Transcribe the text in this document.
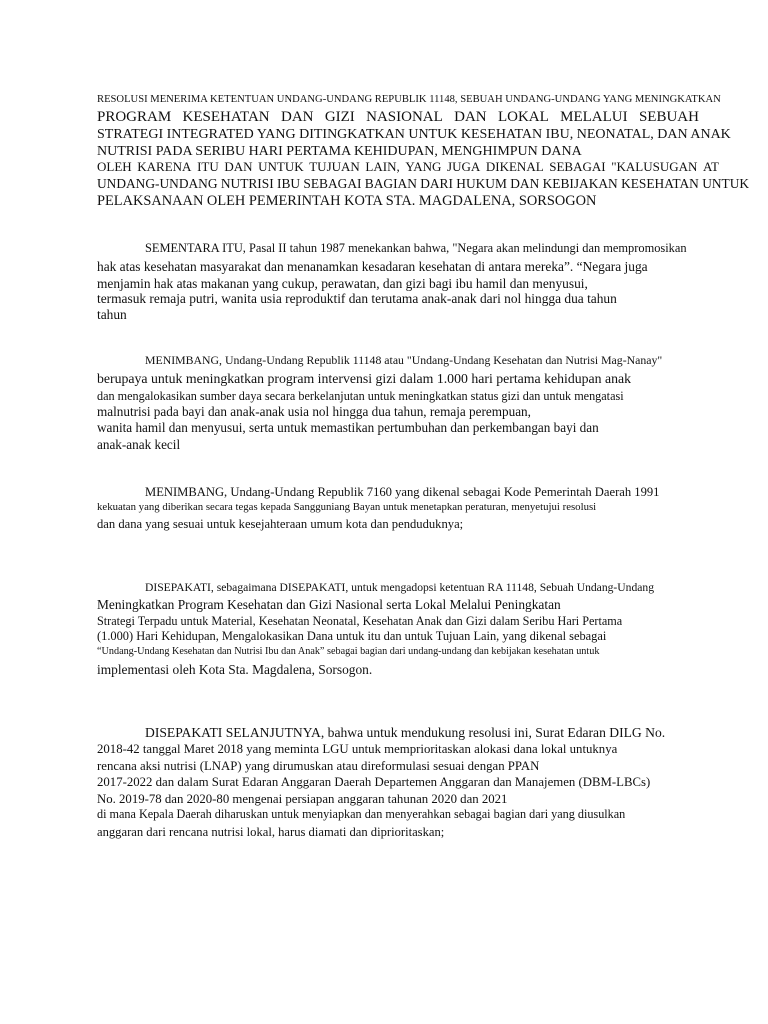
RESOLUSI MENERIMA KETENTUAN UNDANG-UNDANG REPUBLIK 11148, SEBUAH UNDANG-UNDANG YANG MENINGKATKAN
PROGRAM KESEHATAN DAN GIZI NASIONAL DAN LOKAL MELALUI SEBUAH
STRATEGI INTEGRATED YANG DITINGKATKAN UNTUK KESEHATAN IBU, NEONATAL, DAN ANAK
NUTRISI PADA SERIBU HARI PERTAMA KEHIDUPAN, MENGHIMPUN DANA
OLEH KARENA ITU DAN UNTUK TUJUAN LAIN, YANG JUGA DIKENAL SEBAGAI "KALUSUGAN AT
UNDANG-UNDANG NUTRISI IBU SEBAGAI BAGIAN DARI HUKUM DAN KEBIJAKAN KESEHATAN UNTUK
PELAKSANAAN OLEH PEMERINTAH KOTA STA. MAGDALENA, SORSOGON
SEMENTARA ITU, Pasal II tahun 1987 menekankan bahwa, "Negara akan melindungi dan mempromosikan
hak atas kesehatan masyarakat dan menanamkan kesadaran kesehatan di antara mereka”. “Negara juga
menjamin hak atas makanan yang cukup, perawatan, dan gizi bagi ibu hamil dan menyusui,
termasuk remaja putri, wanita usia reproduktif dan terutama anak-anak dari nol hingga dua tahun
tahun
MENIMBANG, Undang-Undang Republik 11148 atau "Undang-Undang Kesehatan dan Nutrisi Mag-Nanay"
berupaya untuk meningkatkan program intervensi gizi dalam 1.000 hari pertama kehidupan anak
dan mengalokasikan sumber daya secara berkelanjutan untuk meningkatkan status gizi dan untuk mengatasi
malnutrisi pada bayi dan anak-anak usia nol hingga dua tahun, remaja perempuan,
wanita hamil dan menyusui, serta untuk memastikan pertumbuhan dan perkembangan bayi dan
anak-anak kecil
MENIMBANG, Undang-Undang Republik 7160 yang dikenal sebagai Kode Pemerintah Daerah 1991
kekuatan yang diberikan secara tegas kepada Sangguniang Bayan untuk menetapkan peraturan, menyetujui resolusi
dan dana yang sesuai untuk kesejahteraan umum kota dan penduduknya;
DISEPAKATI, sebagaimana DISEPAKATI, untuk mengadopsi ketentuan RA 11148, Sebuah Undang-Undang
Meningkatkan Program Kesehatan dan Gizi Nasional serta Lokal Melalui Peningkatan
Strategi Terpadu untuk Material, Kesehatan Neonatal, Kesehatan Anak dan Gizi dalam Seribu Hari Pertama
(1.000) Hari Kehidupan, Mengalokasikan Dana untuk itu dan untuk Tujuan Lain, yang dikenal sebagai
“Undang-Undang Kesehatan dan Nutrisi Ibu dan Anak” sebagai bagian dari undang-undang dan kebijakan kesehatan untuk
implementasi oleh Kota Sta. Magdalena, Sorsogon.
DISEPAKATI SELANJUTNYA, bahwa untuk mendukung resolusi ini, Surat Edaran DILG No.
2018-42 tanggal Maret 2018 yang meminta LGU untuk memprioritaskan alokasi dana lokal untuknya
rencana aksi nutrisi (LNAP) yang dirumuskan atau direformulasi sesuai dengan PPAN
2017-2022 dan dalam Surat Edaran Anggaran Daerah Departemen Anggaran dan Manajemen (DBM-LBCs)
No. 2019-78 dan 2020-80 mengenai persiapan anggaran tahunan 2020 dan 2021
di mana Kepala Daerah diharuskan untuk menyiapkan dan menyerahkan sebagai bagian dari yang diusulkan
anggaran dari rencana nutrisi lokal, harus diamati dan diprioritaskan;
